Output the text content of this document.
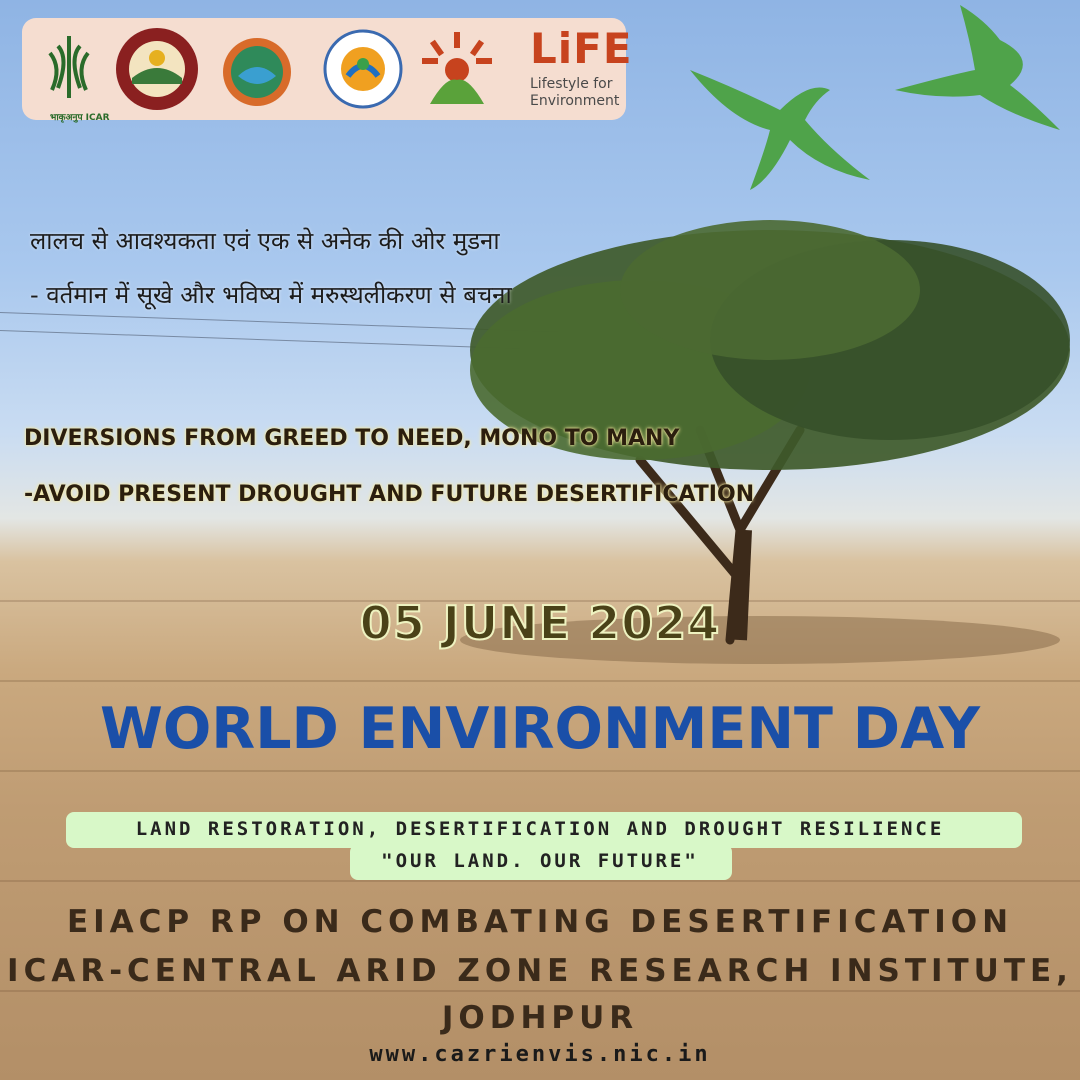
भाकृअनुप ICAR
LiFE
Lifestyle for Environment
लालच से आवश्यकता एवं एक से अनेक की ओर मुडना
- वर्तमान में सूखे और भविष्य में मरुस्थलीकरण से बचना
DIVERSIONS FROM GREED TO NEED, MONO TO MANY
-AVOID PRESENT DROUGHT AND FUTURE DESERTIFICATION
05 JUNE 2024
WORLD ENVIRONMENT DAY
LAND RESTORATION, DESERTIFICATION AND DROUGHT RESILIENCE
"OUR LAND. OUR FUTURE"
EIACP RP ON COMBATING DESERTIFICATION
ICAR-CENTRAL ARID ZONE RESEARCH INSTITUTE,
JODHPUR
www.cazrienvis.nic.in
